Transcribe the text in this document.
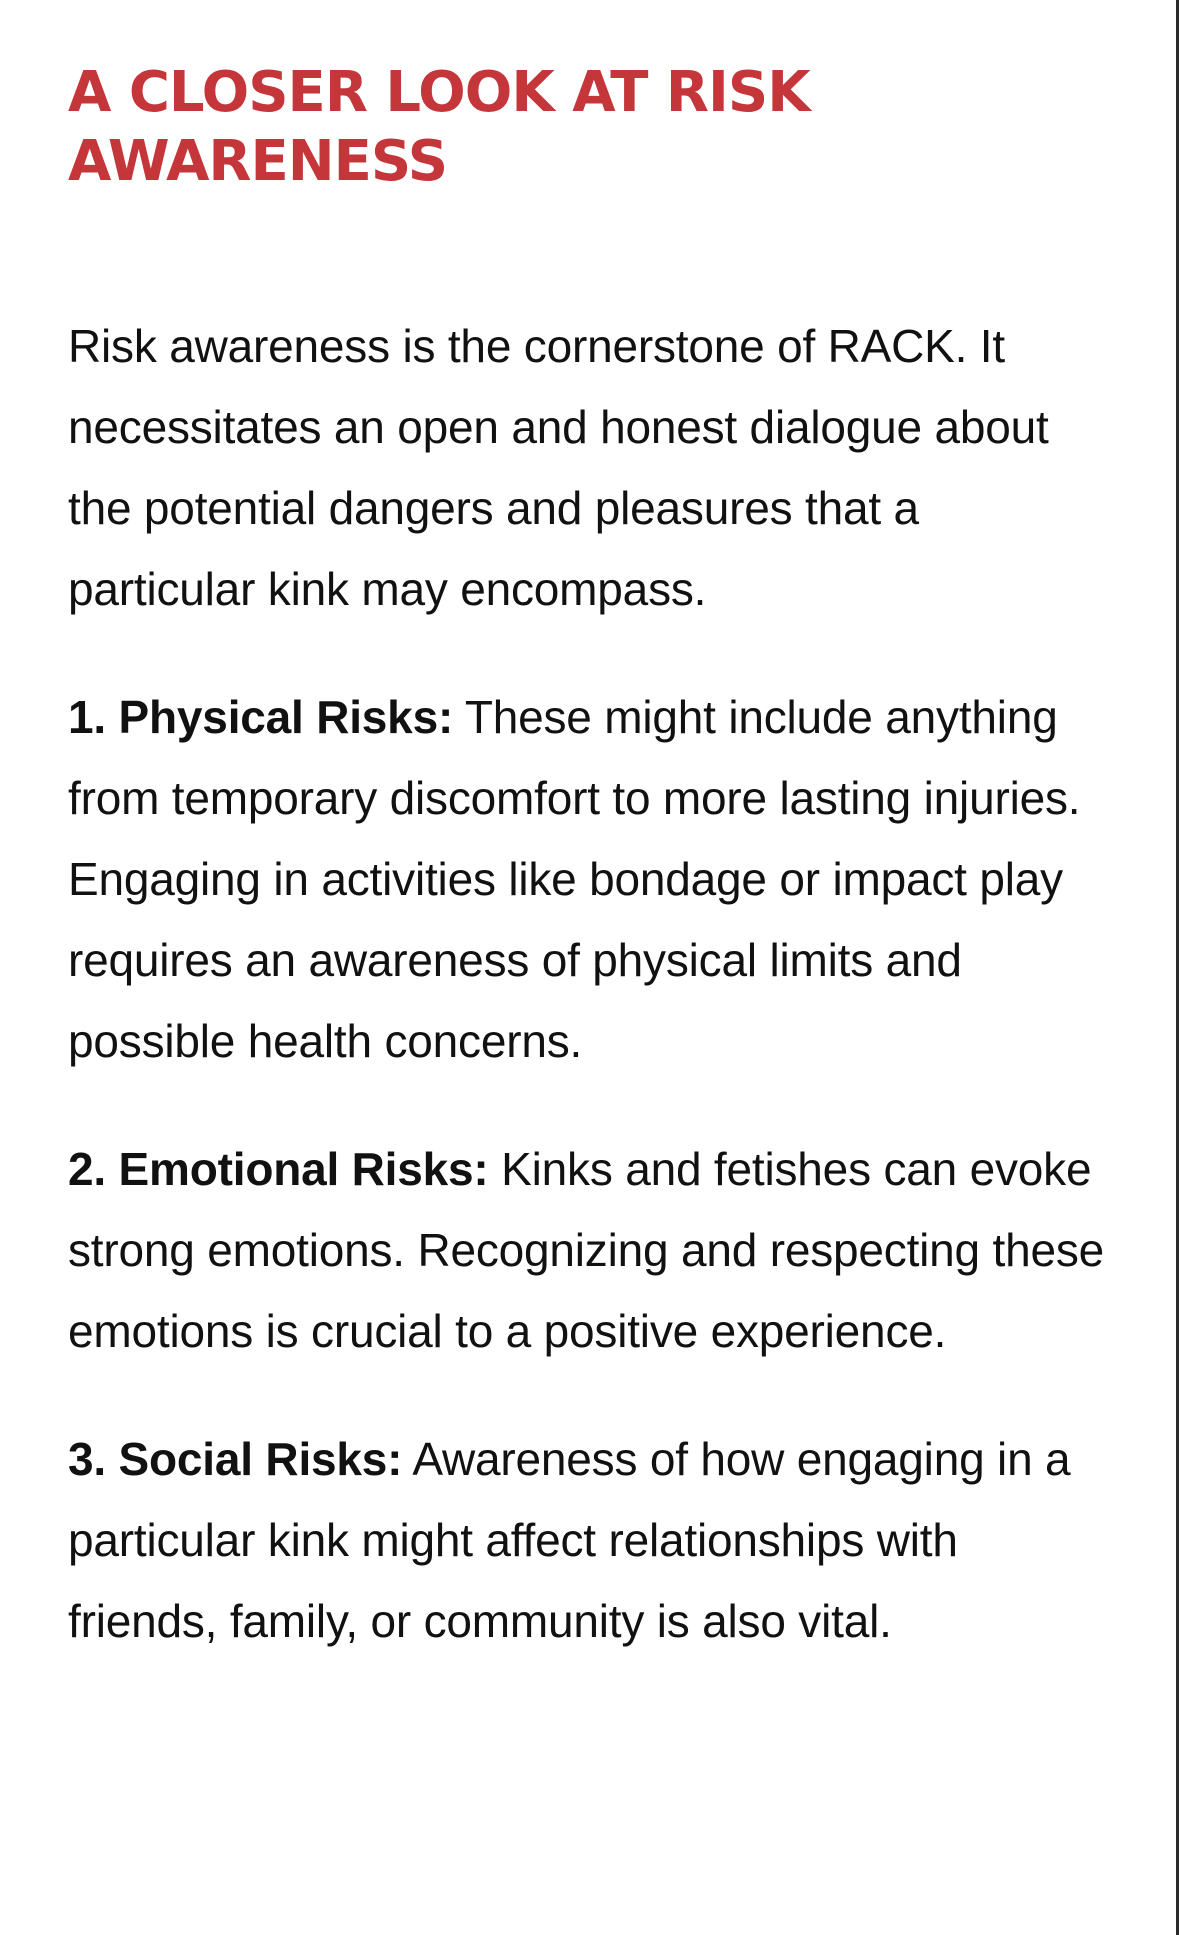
A CLOSER LOOK AT RISK AWARENESS

Risk awareness is the cornerstone of RACK. It necessitates an open and honest dialogue about the potential dangers and pleasures that a particular kink may encompass.

1. Physical Risks: These might include anything from temporary discomfort to more lasting injuries. Engaging in activities like bondage or impact play requires an awareness of physical limits and possible health concerns.

2. Emotional Risks: Kinks and fetishes can evoke strong emotions. Recognizing and respecting these emotions is crucial to a positive experience.

3. Social Risks: Awareness of how engaging in a particular kink might affect relationships with friends, family, or community is also vital.
